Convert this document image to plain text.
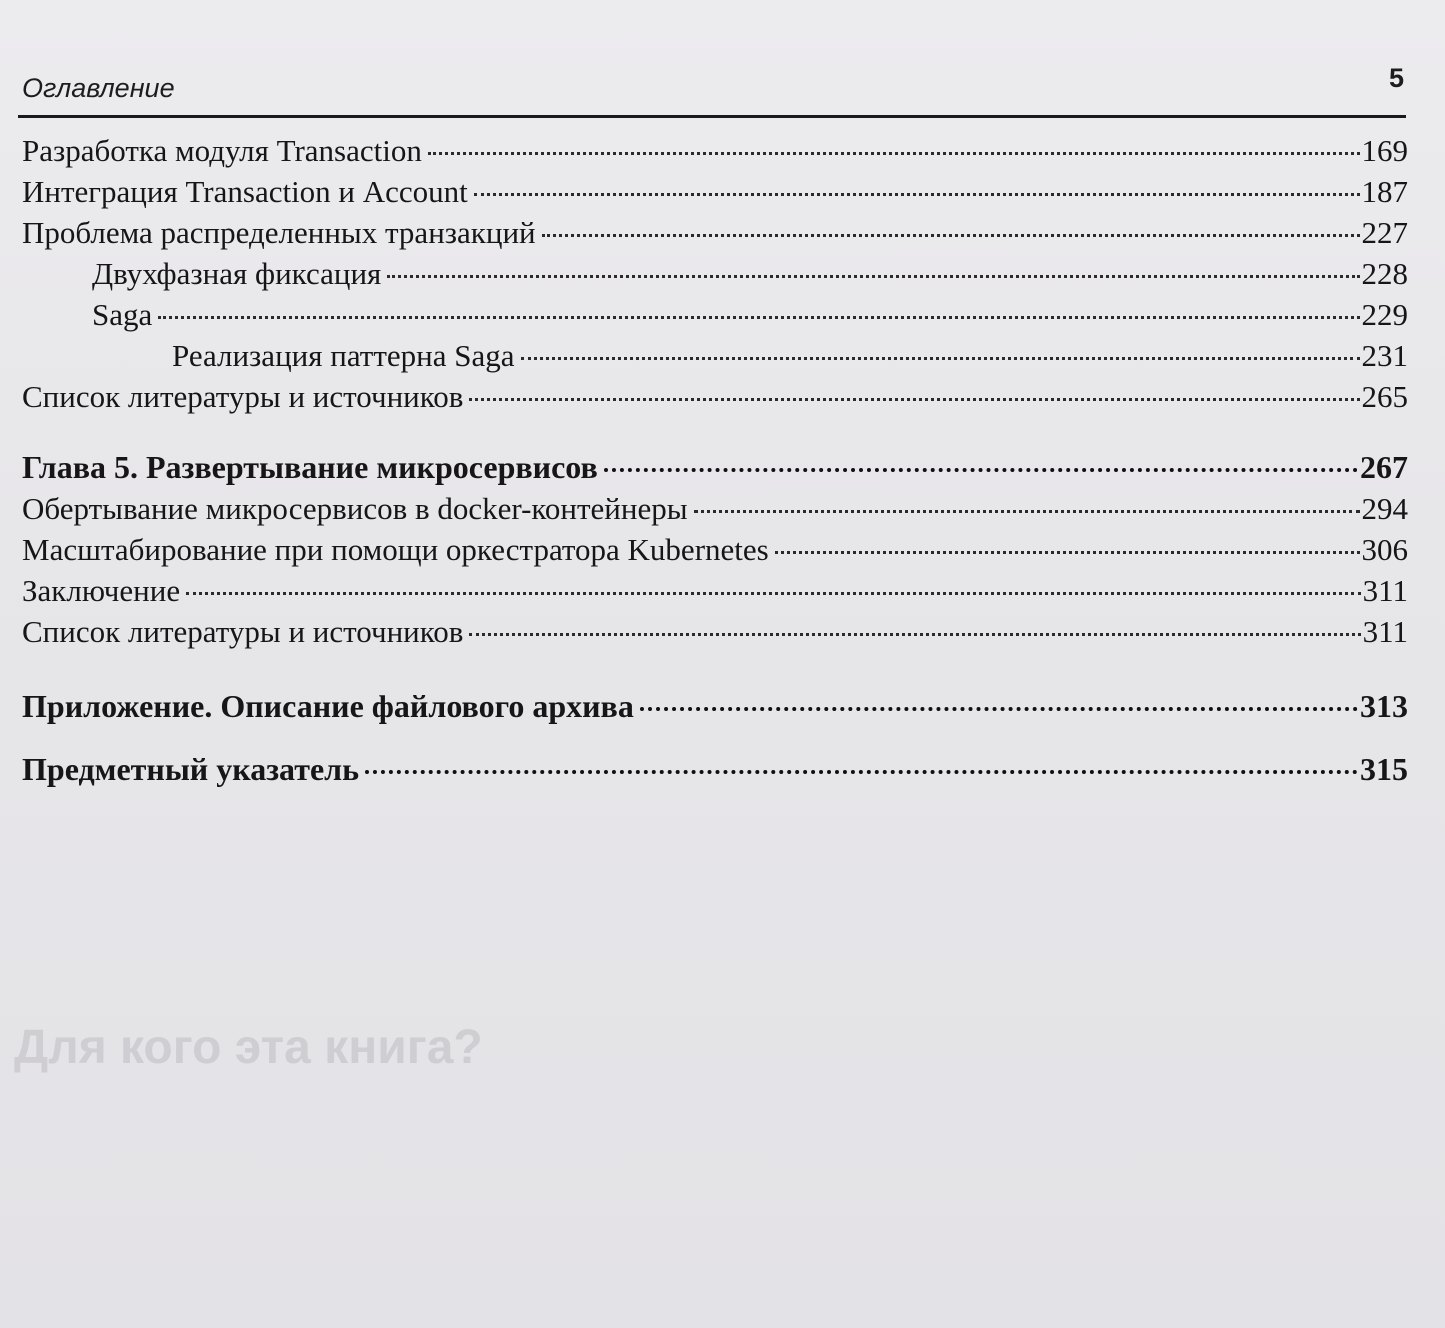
Для кого эта книга?
Оглавление	5
Разработка модуля Transaction	169
Интеграция Transaction и Account	187
Проблема распределенных транзакций	227
Двухфазная фиксация	228
Saga	229
Реализация паттерна Saga	231
Список литературы и источников	265
Глава 5. Развертывание микросервисов	267
Обертывание микросервисов в docker-контейнеры	294
Масштабирование при помощи оркестратора Kubernetes	306
Заключение	311
Список литературы и источников	311
Приложение. Описание файлового архива	313
Предметный указатель	315
